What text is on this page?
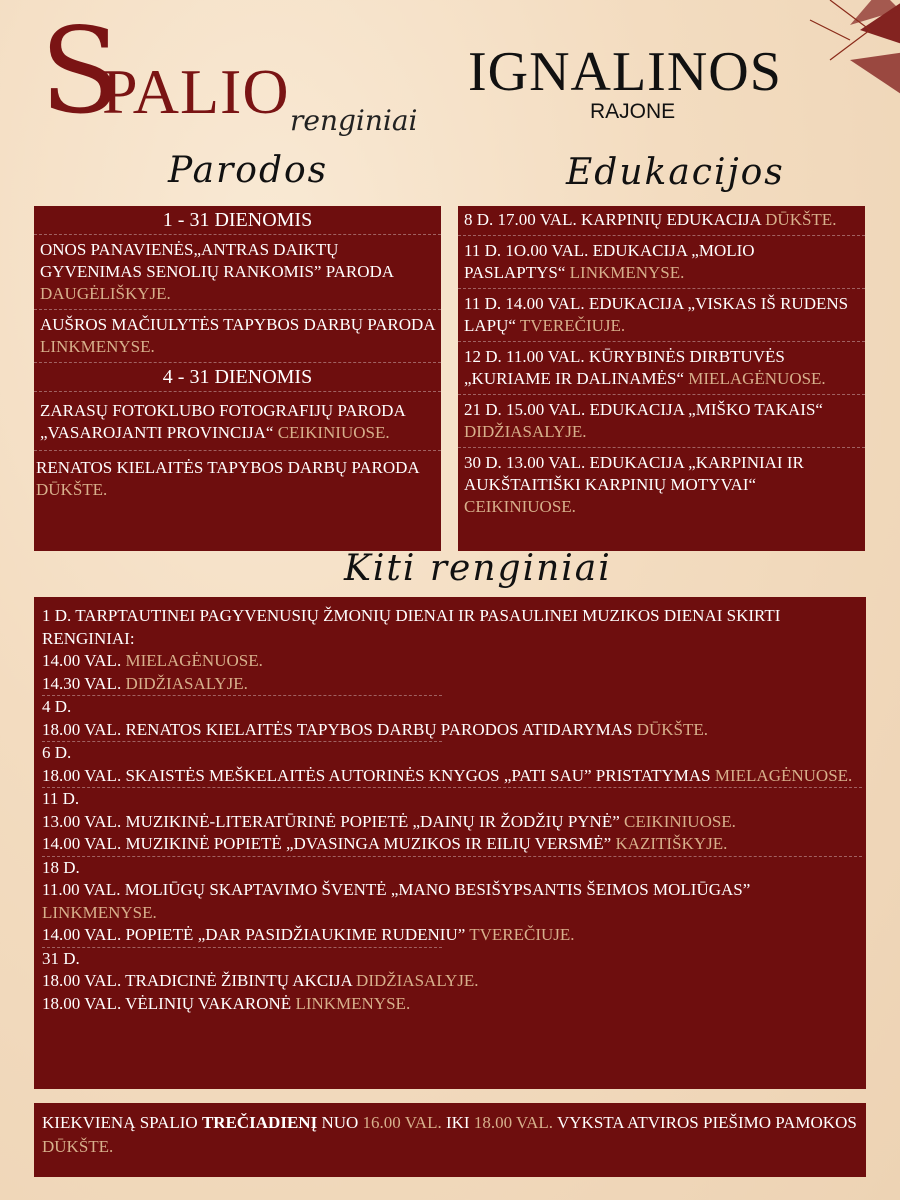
S
PALIO renginiai
IGNALINOS
RAJONE
Parodos	Edukacijos
1 - 31 DIENOMIS
ONOS PANAVIENĖS„ANTRAS DAIKTŲ GYVENIMAS SENOLIŲ RANKOMIS” PARODA DAUGĖLIŠKYJE.
AUŠROS MAČIULYTĖS TAPYBOS DARBŲ PARODA LINKMENYSE.
4 - 31 DIENOMIS
ZARASŲ FOTOKLUBO FOTOGRAFIJŲ PARODA „VASAROJANTI PROVINCIJA“ CEIKINIUOSE.
RENATOS KIELAITĖS TAPYBOS DARBŲ PARODA DŪKŠTE.
8 D. 17.00 VAL. KARPINIŲ EDUKACIJA DŪKŠTE.
11 D. 1O.00 VAL. EDUKACIJA „MOLIO PASLAPTYS“ LINKMENYSE.
11 D. 14.00 VAL. EDUKACIJA „VISKAS IŠ RUDENS LAPŲ“ TVEREČIUJE.
12 D. 11.00 VAL. KŪRYBINĖS DIRBTUVĖS „KURIAME IR DALINAMĖS“ MIELAGĖNUOSE.
21 D. 15.00 VAL. EDUKACIJA „MIŠKO TAKAIS“ DIDŽIASALYJE.
30 D. 13.00 VAL. EDUKACIJA „KARPINIAI IR AUKŠTAITIŠKI KARPINIŲ MOTYVAI“ CEIKINIUOSE.
Kiti renginiai
1 D. TARPTAUTINEI PAGYVENUSIŲ ŽMONIŲ DIENAI IR PASAULINEI MUZIKOS DIENAI SKIRTI RENGINIAI:
14.00 VAL. MIELAGĖNUOSE.
14.30 VAL. DIDŽIASALYJE.
4 D.
18.00 VAL. RENATOS KIELAITĖS TAPYBOS DARBŲ PARODOS ATIDARYMAS DŪKŠTE.
6 D.
18.00 VAL. SKAISTĖS MEŠKELAITĖS AUTORINĖS KNYGOS „PATI SAU” PRISTATYMAS MIELAGĖNUOSE.
11 D.
13.00 VAL. MUZIKINĖ-LITERATŪRINĖ POPIETĖ „DAINŲ IR ŽODŽIŲ PYNĖ” CEIKINIUOSE.
14.00 VAL. MUZIKINĖ POPIETĖ „DVASINGA MUZIKOS IR EILIŲ VERSMĖ” KAZITIŠKYJE.
18 D.
11.00 VAL. MOLIŪGŲ SKAPTAVIMO ŠVENTĖ „MANO BESIŠYPSANTIS ŠEIMOS MOLIŪGAS” LINKMENYSE.
14.00 VAL. POPIETĖ „DAR PASIDŽIAUKIME RUDENIU” TVEREČIUJE.
31 D.
18.00 VAL. TRADICINĖ ŽIBINTŲ AKCIJA DIDŽIASALYJE.
18.00 VAL. VĖLINIŲ VAKARONĖ LINKMENYSE.
KIEKVIENĄ SPALIO TREČIADIENĮ NUO 16.00 VAL. IKI 18.00 VAL. VYKSTA ATVIROS PIEŠIMO PAMOKOS DŪKŠTE.
